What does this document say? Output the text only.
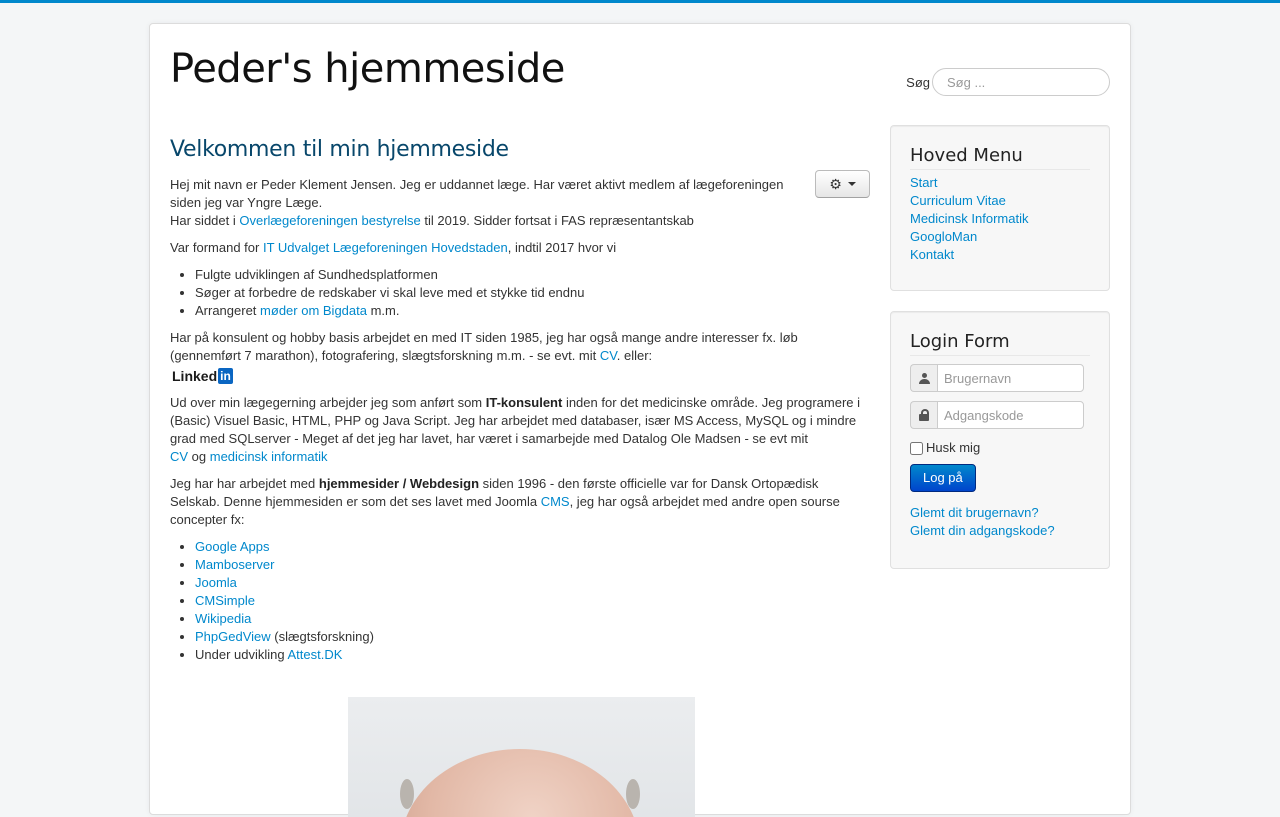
Peder's hjemmeside	Søg
Søg ...
Velkommen til min hjemmeside
⚙
Hej mit navn er Peder Klement Jensen. Jeg er uddannet læge. Har været aktivt medlem af lægeforeningen siden jeg var Yngre Læge.
Har siddet i Overlægeforeningen bestyrelse til 2019. Sidder fortsat i FAS repræsentantskab

Var formand for IT Udvalget Lægeforeningen Hovedstaden, indtil 2017 hvor vi

• Fulgte udviklingen af Sundhedsplatformen
• Søger at forbedre de redskaber vi skal leve med et stykke tid endnu
• Arrangeret møder om Bigdata m.m.

Har på konsulent og hobby basis arbejdet en med IT siden 1985, jeg har også mange andre interesser fx. løb (gennemført 7 marathon), fotografering, slægtsforskning m.m. - se evt. mit CV. eller:

Linked in

Ud over min lægegerning arbejder jeg som anført som IT-konsulent inden for det medicinske område. Jeg programere i (Basic) Visuel Basic, HTML, PHP og Java Script. Jeg har arbejdet med databaser, især MS Access, MySQL og i mindre grad med SQLserver - Meget af det jeg har lavet, har været i samarbejde med Datalog Ole Madsen - se evt mit
CV og medicinsk informatik

Jeg har har arbejdet med hjemmesider / Webdesign siden 1996 - den første officielle var for Dansk Ortopædisk Selskab. Denne hjemmesiden er som det ses lavet med Joomla CMS, jeg har også arbejdet med andre open sourse concepter fx:

• Google Apps
• Mamboserver
• Joomla
• CMSimple
• Wikipedia
• PhpGedView (slægtsforskning)
• Under udvikling Attest.DK
Hoved Menu
Start
Curriculum Vitae
Medicinsk Informatik
GoogloMan
Kontakt
Login Form
Brugernavn
Husk mig
Log på
Glemt dit brugernavn?
Glemt din adgangskode?
